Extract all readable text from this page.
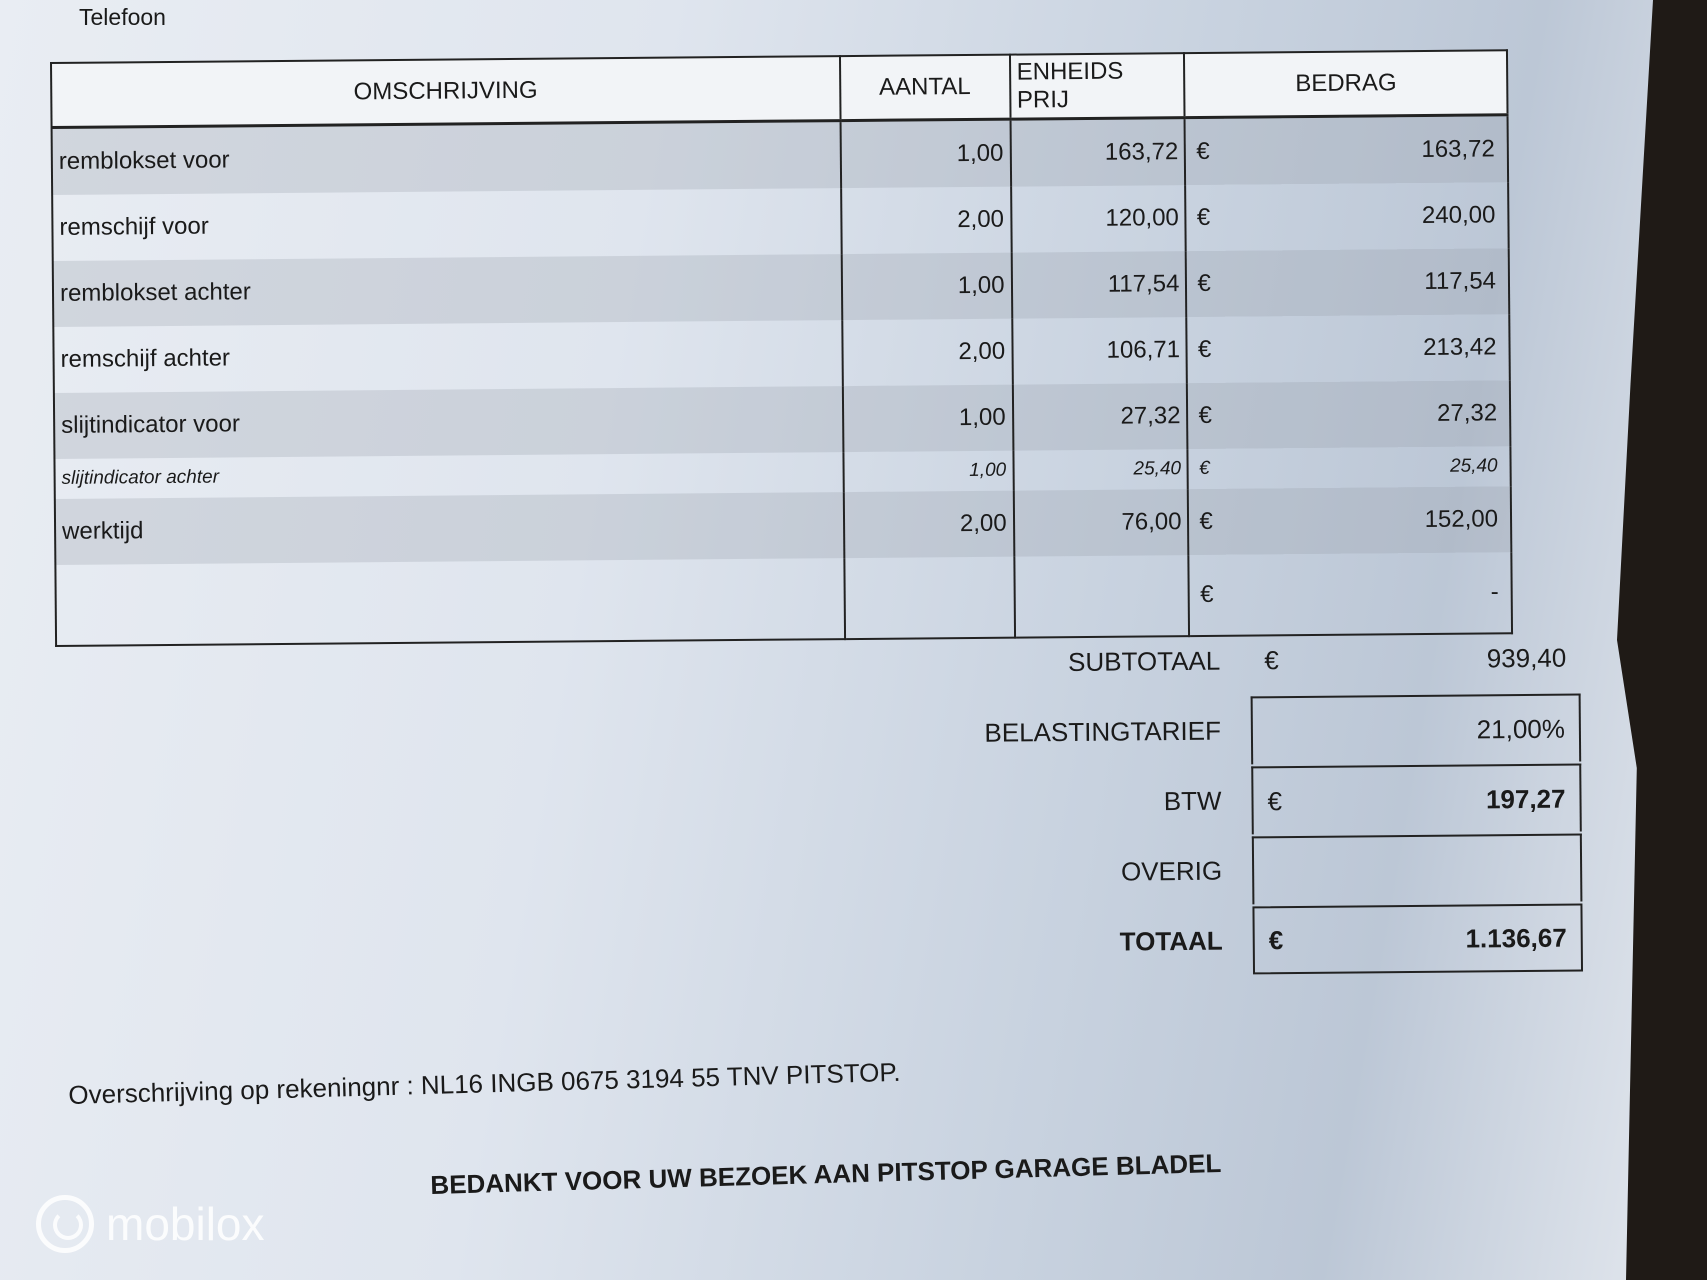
Telefoon
OMSCHRIJVING	AANTAL	ENHEIDS PRIJ	BEDRAG
remblokset voor	1,00	163,72	€ 163,72

remschijf voor	2,00	120,00	€ 240,00

remblokset achter	1,00	117,54	€ 117,54

remschijf achter	2,00	106,71	€ 213,42

slijtindicator voor	1,00	27,32	€ 27,32

slijtindicator achter	1,00	25,40	€ 25,40

werktijd	2,00	76,00	€ 152,00

			€ -
SUBTOTAAL	€	939,40
BELASTINGTARIEF	21,00%
BTW	€	197,27
OVERIG
TOTAAL	€	1.136,67
Overschrijving op rekeningnr : NL16 INGB 0675 3194 55 TNV PITSTOP.
BEDANKT VOOR UW BEZOEK AAN PITSTOP GARAGE BLADEL
mobilox
